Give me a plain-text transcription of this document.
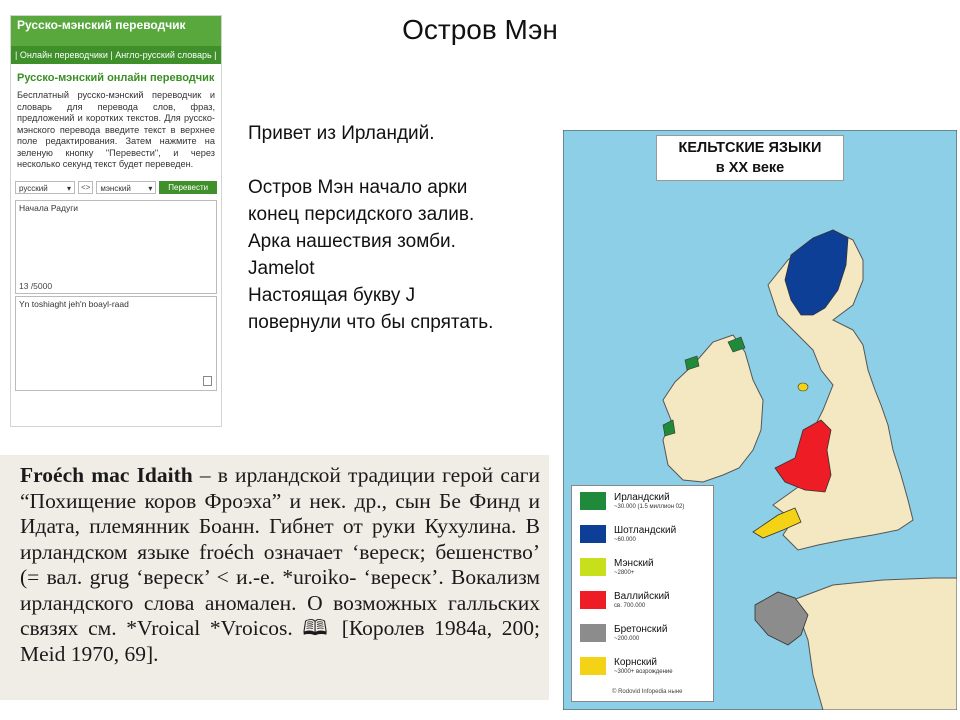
Остров Мэн
Русско-мэнский переводчик
| Онлайн переводчики | Англо-русский словарь |
Русско-мэнский онлайн переводчик
Бесплатный русско-мэнский переводчик и словарь для перевода слов, фраз, предложений и коротких текстов. Для русско-мэнского перевода введите текст в верхнее поле редактирования. Затем нажмите на зеленую кнопку "Перевести", и через несколько секунд текст будет переведен.
русский ▾	<>	мэнский ▾	Перевести
Начала Радуги
13 /5000
Yn toshiaght jeh'n boayl-raad
Привет из Ирландий.
Остров Мэн начало арки
конец персидского залив.
Арка нашествия зомби.
Jamelot
Настоящая букву J
повернули что бы спрятать.
Froéch mac Idaith – в ирландской традиции герой саги “Похищение коров Фроэха” и нек. др., сын Бе Финд и Идата, племянник Боанн. Гибнет от руки Кухулина. В ирландском языке froéch означает ‘вереск; бешенство’ (= вал. grug ‘вереск’ < и.-е. *uroiko- ‘вереск’. Вокализм ирландского слова аномален. О возможных галльских связях см. *Vroical *Vroicos. 🕮 [Королев 1984а, 200; Meid 1970, 69].
КЕЛЬТСКИЕ ЯЗЫКИ
в XX веке
Ирландский
~30.000 (1.5 миллион 02)
Шотландский
~60.000
Мэнский
~2800+
Валлийский
св. 700.000
Бретонский
~200.000
Корнский
~3000+ возрождение
© Rodovid Infopedia ныне
